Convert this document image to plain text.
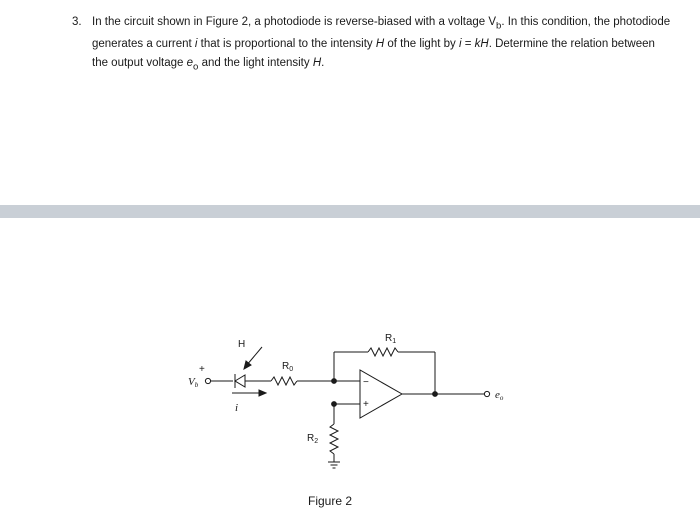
3. In the circuit shown in Figure 2, a photodiode is reverse-biased with a voltage $V_b$. In this condition, the photodiode generates a current i that is proportional to the intensity H of the light by i = kH. Determine the relation between the output voltage $e_o$ and the light intensity H.
H
+
Vb
i
$R_0$
$R_1$
$R_2$
−
+
eo
Figure 2
